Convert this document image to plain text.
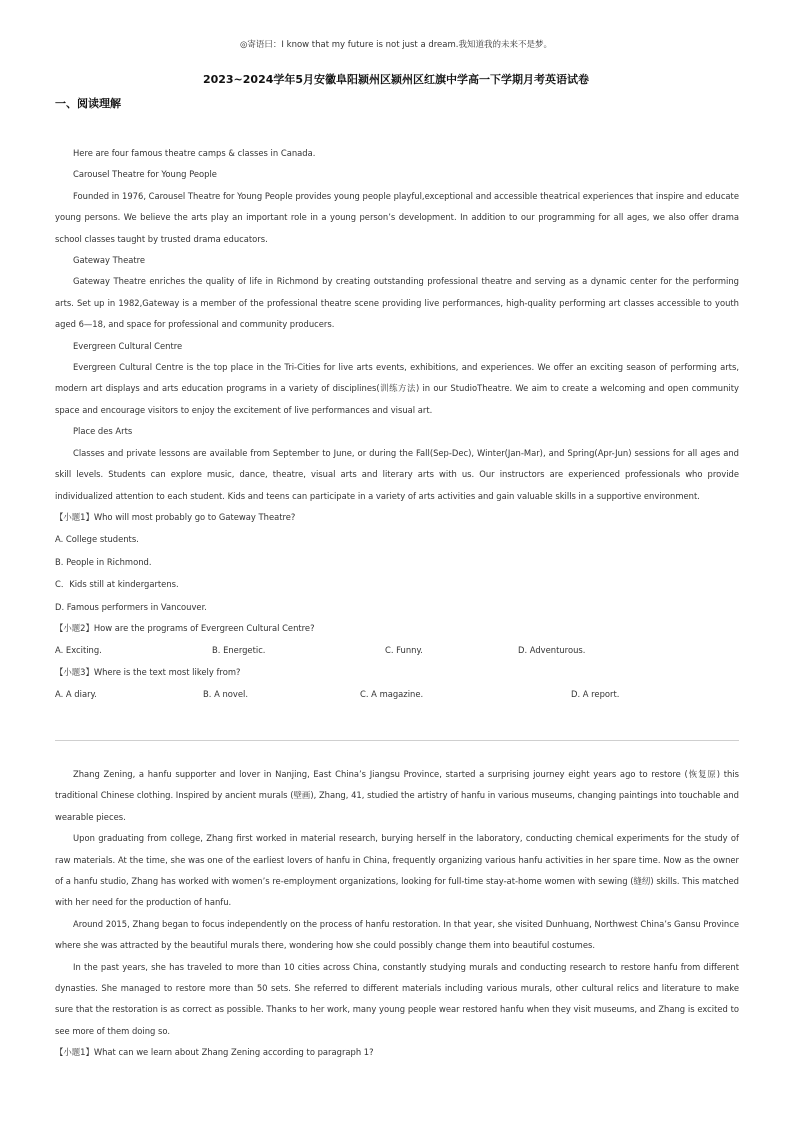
◎寄语曰：I know that my future is not just a dream.我知道我的未来不是梦。
2023~2024学年5月安徽阜阳颍州区颍州区红旗中学高一下学期月考英语试卷
一、阅读理解
Here are four famous theatre camps & classes in Canada.
Carousel Theatre for Young People
Founded in 1976, Carousel Theatre for Young People provides young people playful,exceptional and accessible theatrical experiences that inspire and educate young persons. We believe the arts play an important role in a young person’s development. In addition to our programming for all ages, we also offer drama school classes taught by trusted drama educators.
Gateway Theatre
Gateway Theatre enriches the quality of life in Richmond by creating outstanding professional theatre and serving as a dynamic center for the performing arts. Set up in 1982,Gateway is a member of the professional theatre scene providing live performances, high-quality performing art classes accessible to youth aged 6—18, and space for professional and community producers.
Evergreen Cultural Centre
Evergreen Cultural Centre is the top place in the Tri-Cities for live arts events, exhibitions, and experiences. We offer an exciting season of performing arts, modern art displays and arts education programs in a variety of disciplines(训练方法) in our StudioTheatre. We aim to create a welcoming and open community space and encourage visitors to enjoy the excitement of live performances and visual art.
Place des Arts
Classes and private lessons are available from September to June, or during the Fall(Sep-Dec), Winter(Jan-Mar), and Spring(Apr-Jun) sessions for all ages and skill levels. Students can explore music, dance, theatre, visual arts and literary arts with us. Our instructors are experienced professionals who provide individualized attention to each student. Kids and teens can participate in a variety of arts activities and gain valuable skills in a supportive environment.
【小题1】Who will most probably go to Gateway Theatre?
A. College students.
B. People in Richmond.
C．Kids still at kindergartens.
D. Famous performers in Vancouver.
【小题2】How are the programs of Evergreen Cultural Centre?
A. Exciting.	B. Energetic.	C. Funny.	D. Adventurous.
【小题3】Where is the text most likely from?
A. A diary.	B. A novel.	C. A magazine.	D. A report.
Zhang Zening, a hanfu supporter and lover in Nanjing, East China’s Jiangsu Province, started a surprising journey eight years ago to restore (恢复原) this traditional Chinese clothing. Inspired by ancient murals (壁画), Zhang, 41, studied the artistry of hanfu in various museums, changing paintings into touchable and wearable pieces.
Upon graduating from college, Zhang first worked in material research, burying herself in the laboratory, conducting chemical experiments for the study of raw materials. At the time, she was one of the earliest lovers of hanfu in China, frequently organizing various hanfu activities in her spare time. Now as the owner of a hanfu studio, Zhang has worked with women’s re-employment organizations, looking for full-time stay-at-home women with sewing (缝纫) skills. This matched with her need for the production of hanfu.
Around 2015, Zhang began to focus independently on the process of hanfu restoration. In that year, she visited Dunhuang, Northwest China’s Gansu Province where she was attracted by the beautiful murals there, wondering how she could possibly change them into beautiful costumes.
In the past years, she has traveled to more than 10 cities across China, constantly studying murals and conducting research to restore hanfu from different dynasties. She managed to restore more than 50 sets. She referred to different materials including various murals, other cultural relics and literature to make sure that the restoration is as correct as possible. Thanks to her work, many young people wear restored hanfu when they visit museums, and Zhang is excited to see more of them doing so.
【小题1】What can we learn about Zhang Zening according to paragraph 1?
